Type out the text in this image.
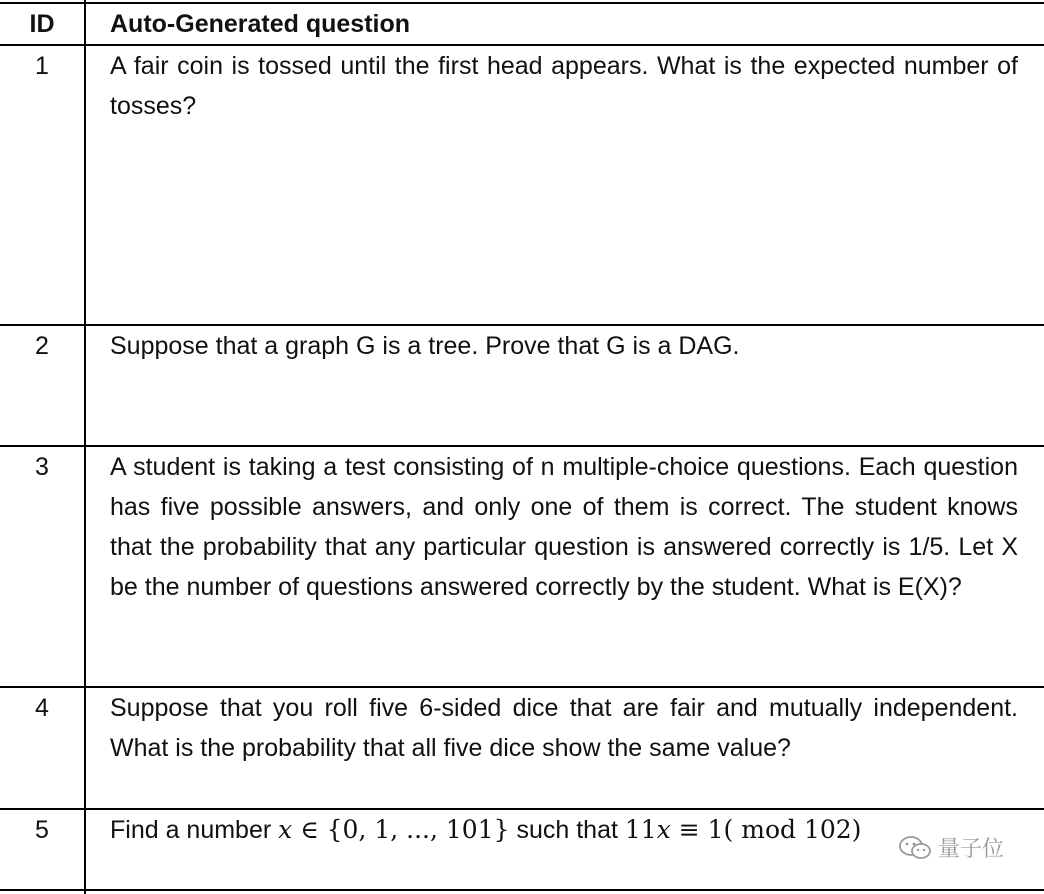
ID	Auto-Generated question
1	A fair coin is tossed until the first head appears. What is the expected number of tosses?
2	Suppose that a graph G is a tree. Prove that G is a DAG.
3	A student is taking a test consisting of n multiple-choice questions. Each question has five possible answers, and only one of them is correct. The student knows that the probability that any particular question is answered correctly is 1/5. Let X be the number of questions answered correctly by the student. What is E(X)?
4	Suppose that you roll five 6-sided dice that are fair and mutually independent. What is the probability that all five dice show the same value?
5	Find a number x ∈ {0, 1, ..., 101} such that 11x ≡ 1( mod 102)
量子位
